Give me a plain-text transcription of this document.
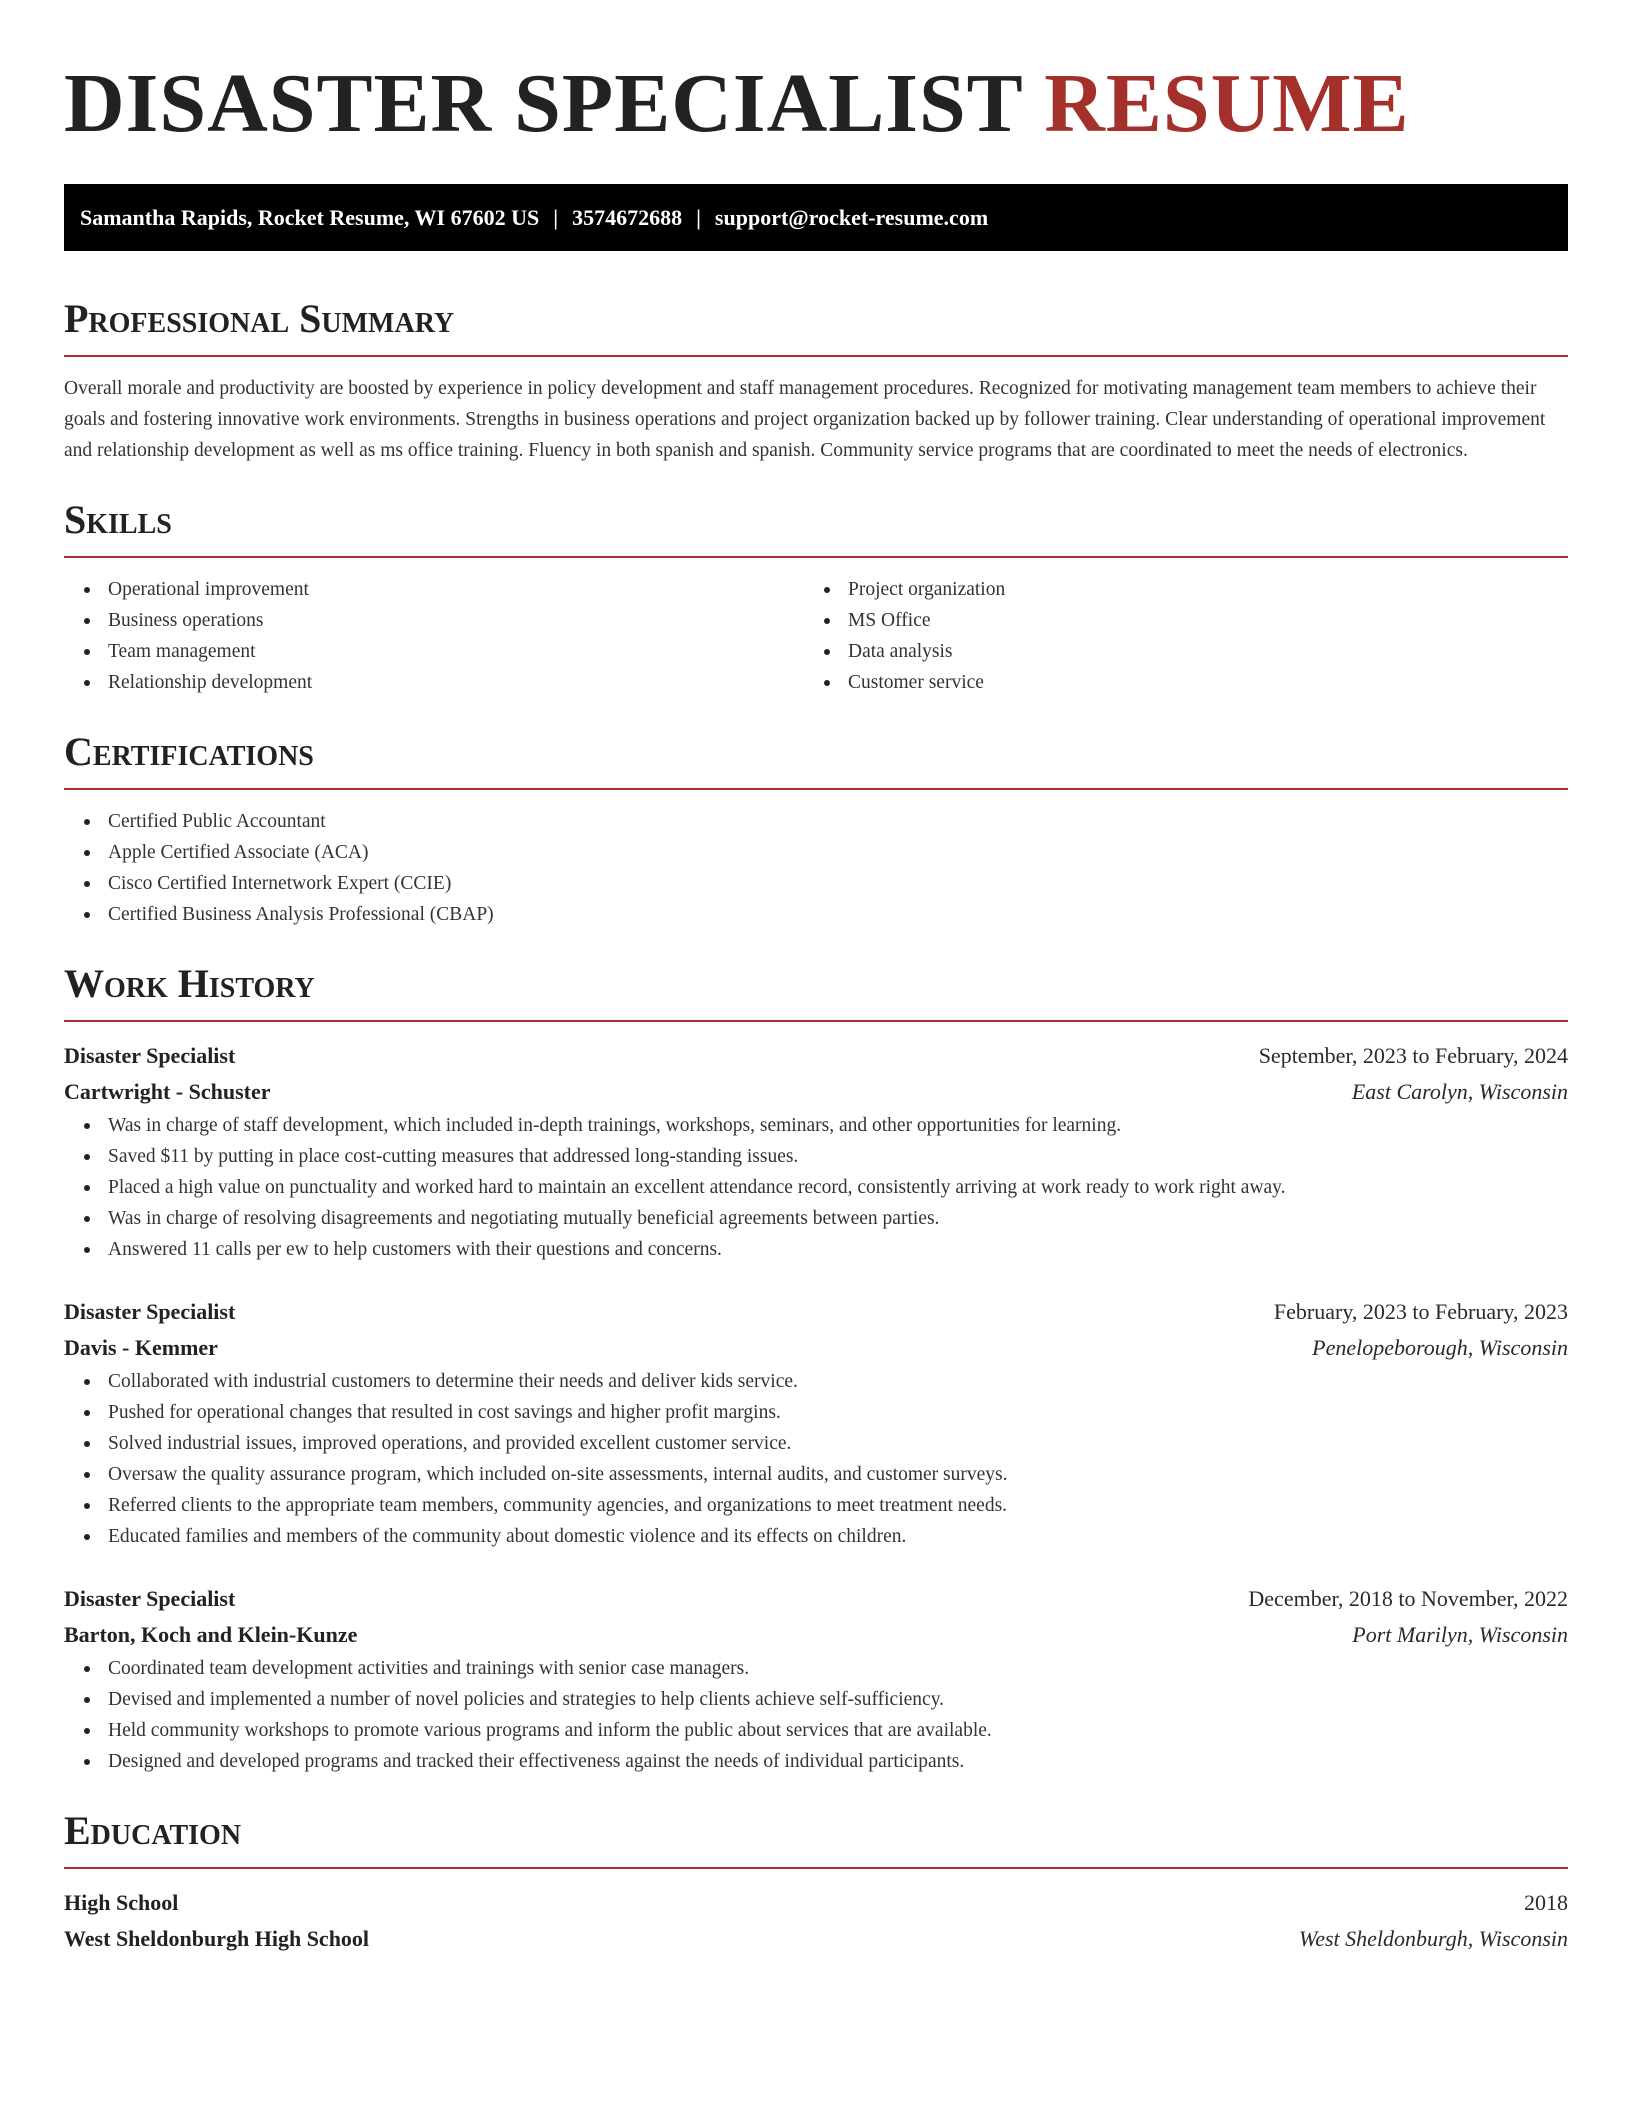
DISASTER SPECIALIST RESUME
Samantha Rapids, Rocket Resume, WI 67602 US | 3574672688 | support@rocket-resume.com
Professional Summary

Overall morale and productivity are boosted by experience in policy development and staff management procedures. Recognized for motivating management team members to achieve their goals and fostering innovative work environments. Strengths in business operations and project organization backed up by follower training. Clear understanding of operational improvement and relationship development as well as ms office training. Fluency in both spanish and spanish. Community service programs that are coordinated to meet the needs of electronics.

Skills
Operational improvement
Business operations
Team management
Relationship development
Project organization
MS Office
Data analysis
Customer service
Certifications
Certified Public Accountant
Apple Certified Associate (ACA)
Cisco Certified Internetwork Expert (CCIE)
Certified Business Analysis Professional (CBAP)
Work History
Disaster Specialist	September, 2023 to February, 2024
Cartwright - Schuster	East Carolyn, Wisconsin
Was in charge of staff development, which included in-depth trainings, workshops, seminars, and other opportunities for learning.
Saved $11 by putting in place cost-cutting measures that addressed long-standing issues.
Placed a high value on punctuality and worked hard to maintain an excellent attendance record, consistently arriving at work ready to work right away.
Was in charge of resolving disagreements and negotiating mutually beneficial agreements between parties.
Answered 11 calls per ew to help customers with their questions and concerns.
Disaster Specialist	February, 2023 to February, 2023
Davis - Kemmer	Penelopeborough, Wisconsin
Collaborated with industrial customers to determine their needs and deliver kids service.
Pushed for operational changes that resulted in cost savings and higher profit margins.
Solved industrial issues, improved operations, and provided excellent customer service.
Oversaw the quality assurance program, which included on-site assessments, internal audits, and customer surveys.
Referred clients to the appropriate team members, community agencies, and organizations to meet treatment needs.
Educated families and members of the community about domestic violence and its effects on children.
Disaster Specialist	December, 2018 to November, 2022
Barton, Koch and Klein-Kunze	Port Marilyn, Wisconsin
Coordinated team development activities and trainings with senior case managers.
Devised and implemented a number of novel policies and strategies to help clients achieve self-sufficiency.
Held community workshops to promote various programs and inform the public about services that are available.
Designed and developed programs and tracked their effectiveness against the needs of individual participants.
Education
High School	2018
West Sheldonburgh High School	West Sheldonburgh, Wisconsin
